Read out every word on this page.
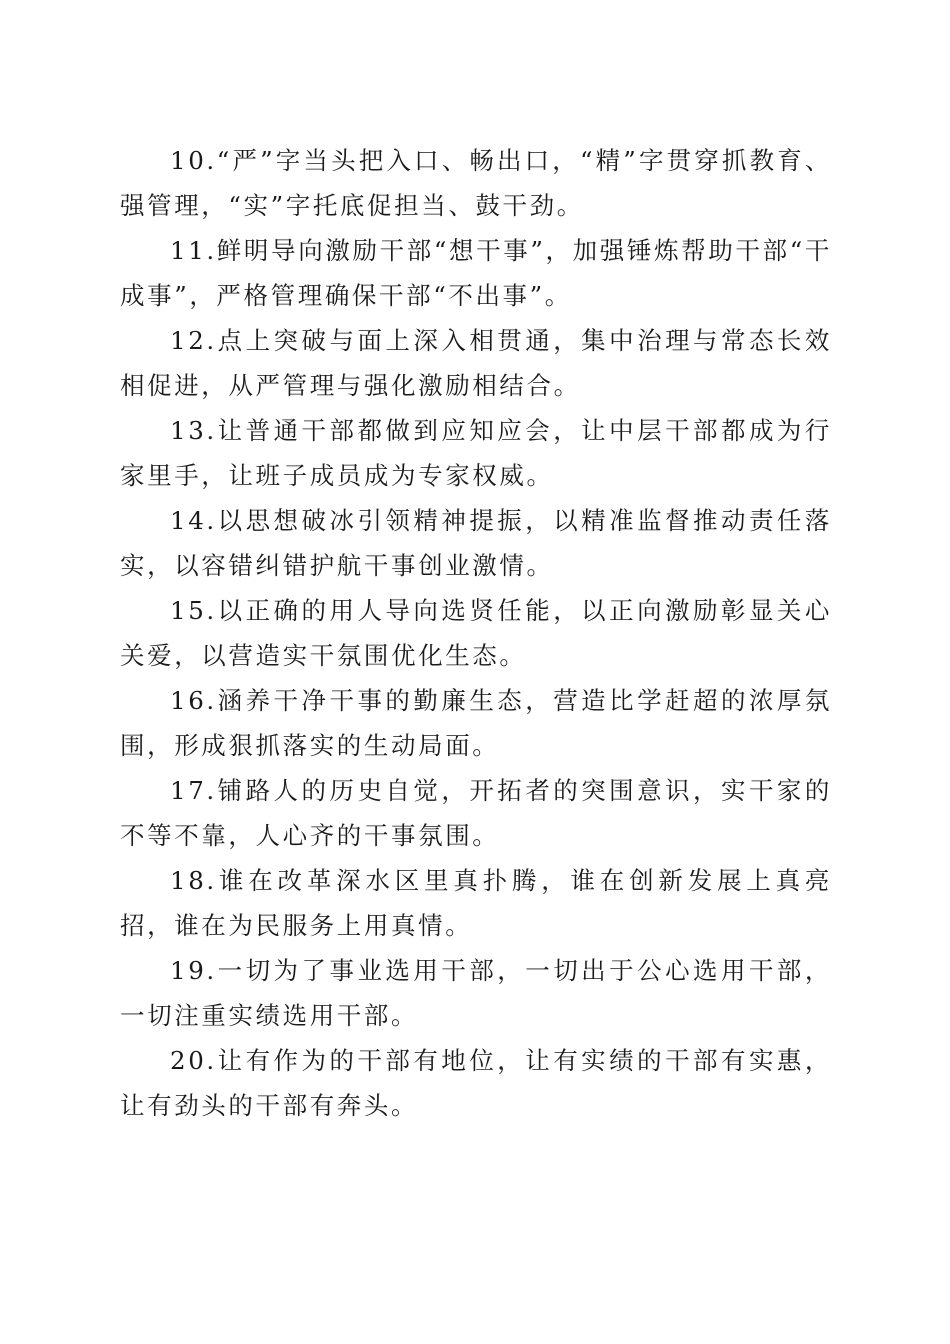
10.“严”字当头把入口、畅出口，“精”字贯穿抓教育、强管理，“实”字托底促担当、鼓干劲。

11.鲜明导向激励干部“想干事”，加强锤炼帮助干部“干成事”，严格管理确保干部“不出事”。

12.点上突破与面上深入相贯通，集中治理与常态长效相促进，从严管理与强化激励相结合。

13.让普通干部都做到应知应会，让中层干部都成为行家里手，让班子成员成为专家权威。

14.以思想破冰引领精神提振，以精准监督推动责任落实，以容错纠错护航干事创业激情。

15.以正确的用人导向选贤任能，以正向激励彰显关心关爱，以营造实干氛围优化生态。

16.涵养干净干事的勤廉生态，营造比学赶超的浓厚氛围，形成狠抓落实的生动局面。

17.铺路人的历史自觉，开拓者的突围意识，实干家的不等不靠，人心齐的干事氛围。

18.谁在改革深水区里真扑腾，谁在创新发展上真亮招，谁在为民服务上用真情。

19.一切为了事业选用干部，一切出于公心选用干部，一切注重实绩选用干部。

20.让有作为的干部有地位，让有实绩的干部有实惠，让有劲头的干部有奔头。
